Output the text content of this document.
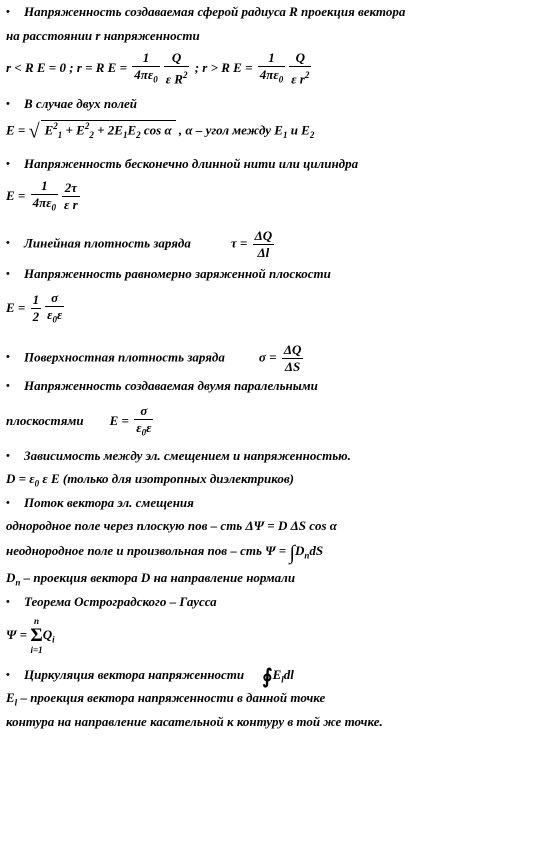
• Напряженность создаваемая сферой радиуса R проекция вектора
на расстоянии r напряженности
r < R E = 0 ; r = R $E = \frac{1}{4\pi\varepsilon_0} \frac{Q}{\varepsilon R^2}$ ; r > R $E = \frac{1}{4\pi\varepsilon_0} \frac{Q}{\varepsilon r^2}$
• В случае двух полей
E = √ $E^2_1 + E^2_2 + 2E_1E_2$ cos α , α – угол между $E_1$ и $E_2$
• Напряженность бесконечно длинной нити или цилиндра
$E = \frac{1}{4\pi\varepsilon_0} \frac{2\tau}{\text{ε r}}$
• Линейная плотность заряда	$\tau = \frac{\Delta Q}{\Delta l}$
• Напряженность равномерно заряженной плоскости
$E = \frac{1}{2} \frac{\sigma}{\varepsilon_0\varepsilon}$
• Поверхностная плотность заряда	$\sigma = \frac{\Delta Q}{\Delta S}$
• Напряженность создаваемая двумя паралельными
плоскостями $E = \frac{\sigma}{\varepsilon_0\varepsilon}$
• Зависимость между эл. смещением и напряженностью.
$D = \varepsilon_0$ ε E (только для изотропных диэлектриков)
• Поток вектора эл. смещения
однородное поле через плоскую пов – сть ΔΨ = D ΔS cos α
неоднородное поле и произвольная пов – сть $\Psi = \int D_ndS$
$D_n$ – проекция вектора D на направление нормали
• Теорема Остроградского – Гаусса
Ψ =
n
Σ
i=1
$Q_i$
• Циркуляция вектора напряженности $∮E_ldl$
$E_l$ – проекция вектора напряженности в данной точке
контура на направление касательной к контуру в той же точке.
